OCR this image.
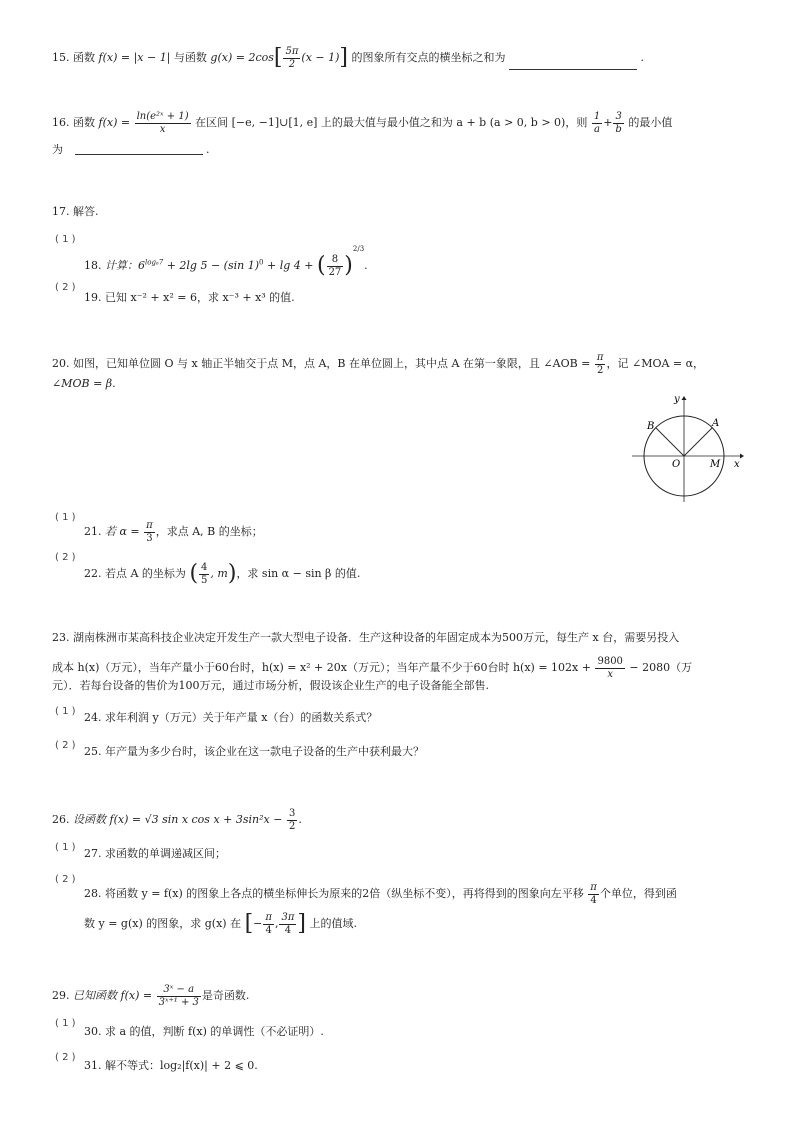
15. 函数 f(x) = |x − 1| 与函数 $g(x) = 2\cos[ \frac{5\pi}{2} (x - 1)]$ 的图象所有交点的横坐标之和为	.
16. 函数 $f(x) = \frac{\text{ln(e²ˣ + 1)}}{x}$ 在区间 [−e, −1]∪[1, e] 上的最大值与最小值之和为 a + b (a > 0, b > 0)，则 $\frac{1}{a} + \frac{3}{b}$ 的最小值
为	.
17. 解答.
( 1 )
18. 计算：$6^{log_67} + 2\lg$ 5 − (sin 1)$^0$ + lg 4 + ( $\frac{8}{27} )^{2/3}$.
( 2 )
19. 已知 x⁻² + x² = 6，求 x⁻³ + x³ 的值.
20. 如图，已知单位圆 O 与 x 轴正半轴交于点 M，点 A，B 在单位圆上，其中点 A 在第一象限，且 ∠AOB = $\frac{\pi}{2}$ ，记 ∠MOA = α，
∠MOB = β.
y
x
A
B
O	M
( 1 )
21. 若 $\alpha = \frac{\pi}{3}$ ，求点 A, B 的坐标；
( 2 )
22. 若点 A 的坐标为 ( $\frac{4}{5}$ , m)，求 sin α − sin β 的值.
23. 湖南株洲市某高科技企业决定开发生产一款大型电子设备．生产这种设备的年固定成本为500万元，每生产 x 台，需要另投入
成本 h(x)（万元），当年产量小于60台时，h(x) = x² + 20x（万元）；当年产量不少于60台时 $h(x) = 102x + \frac{9800}{x} - 2080$（万
元）．若每台设备的售价为100万元，通过市场分析，假设该企业生产的电子设备能全部售.
( 1 ) 24. 求年利润 y（万元）关于年产量 x（台）的函数关系式？
( 2 ) 25. 年产量为多少台时，该企业在这一款电子设备的生产中获利最大？
26. 设函数 f(x) = √3 sin x $\cos x + 3\sin^2x - \frac{3}{2}$ .
( 1 ) 27. 求函数的单调递减区间；
( 2 )
28. 将函数 y = f(x) 的图象上各点的横坐标伸长为原来的2倍（纵坐标不变），再将得到的图象向左平移 $\frac{\pi}{4}$ 个单位，得到函
数 y = g(x) 的图象，求 g(x) 在 [− $\frac{\pi}{4}$ , $\frac{3\pi}{4}$ ] 上的值域.
29. 已知函数 $f(x) = \frac{\text{3ˣ − a}}{\text{3ˣ⁺¹ + 3}}$ 是奇函数.
( 1 )
30. 求 a 的值，判断 f(x) 的单调性（不必证明）.
( 2 )
31. 解不等式：log₂|f(x)| + 2 ⩽ 0.
